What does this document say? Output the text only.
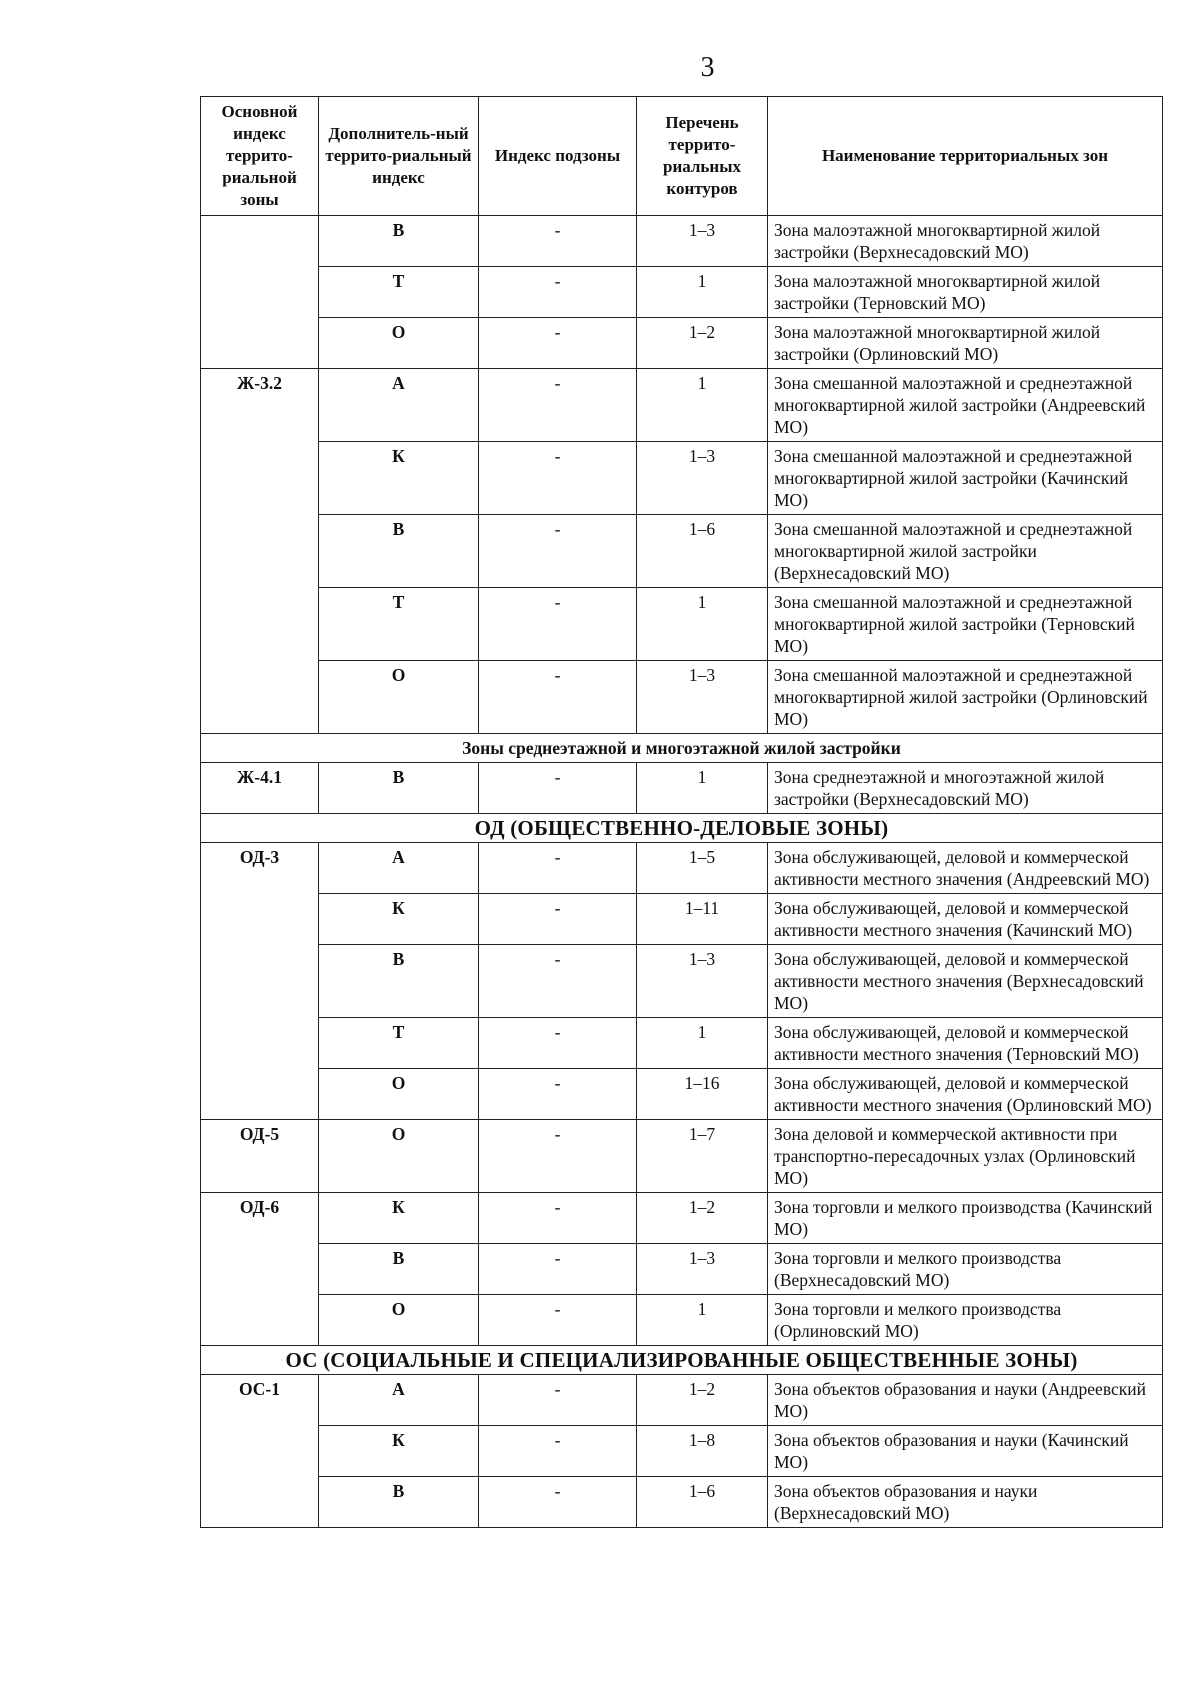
3
Основной индекс террито-риальной зоны	Дополнитель-ный террито-риальный индекс	Индекс подзоны	Перечень террито-риальных контуров	Наименование территориальных зон
	В	-	1–3	Зона малоэтажной многоквартирной жилой застройки (Верхнесадовский МО)
	Т	-	1	Зона малоэтажной многоквартирной жилой застройки (Терновский МО)
	О	-	1–2	Зона малоэтажной многоквартирной жилой застройки (Орлиновский МО)
Ж-3.2	А	-	1	Зона смешанной малоэтажной и среднеэтажной многоквартирной жилой застройки (Андреевский МО)
	К	-	1–3	Зона смешанной малоэтажной и среднеэтажной многоквартирной жилой застройки (Качинский МО)
	В	-	1–6	Зона смешанной малоэтажной и среднеэтажной многоквартирной жилой застройки (Верхнесадовский МО)
	Т	-	1	Зона смешанной малоэтажной и среднеэтажной многоквартирной жилой застройки (Терновский МО)
	О	-	1–3	Зона смешанной малоэтажной и среднеэтажной многоквартирной жилой застройки (Орлиновский МО)
Зоны среднеэтажной и многоэтажной жилой застройки				
Ж-4.1	В	-	1	Зона среднеэтажной и многоэтажной жилой застройки (Верхнесадовский МО)
ОД (ОБЩЕСТВЕННО-ДЕЛОВЫЕ ЗОНЫ)				
ОД-3	А	-	1–5	Зона обслуживающей, деловой и коммерческой активности местного значения (Андреевский МО)
	К	-	1–11	Зона обслуживающей, деловой и коммерческой активности местного значения (Качинский МО)
	В	-	1–3	Зона обслуживающей, деловой и коммерческой активности местного значения (Верхнесадовский МО)
	Т	-	1	Зона обслуживающей, деловой и коммерческой активности местного значения (Терновский МО)
	О	-	1–16	Зона обслуживающей, деловой и коммерческой активности местного значения (Орлиновский МО)
ОД-5	О	-	1–7	Зона деловой и коммерческой активности при транспортно-пересадочных узлах (Орлиновский МО)
ОД-6	К	-	1–2	Зона торговли и мелкого производства (Качинский МО)
	В	-	1–3	Зона торговли и мелкого производства (Верхнесадовский МО)
	О	-	1	Зона торговли и мелкого производства (Орлиновский МО)
ОС (СОЦИАЛЬНЫЕ И СПЕЦИАЛИЗИРОВАННЫЕ ОБЩЕСТВЕННЫЕ ЗОНЫ)				
ОС-1	А	-	1–2	Зона объектов образования и науки (Андреевский МО)
	К	-	1–8	Зона объектов образования и науки (Качинский МО)
	В	-	1–6	Зона объектов образования и науки (Верхнесадовский МО)
